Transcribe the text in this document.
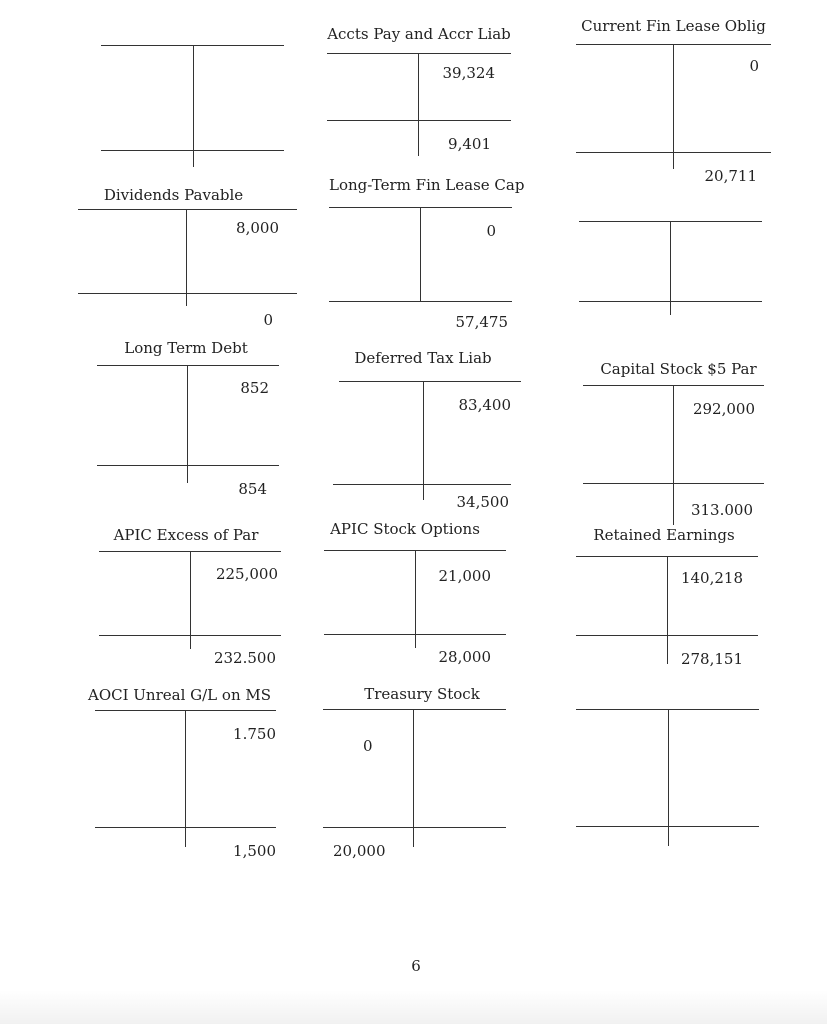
Accts Pay and Accr Liab
39,324
9,401
Current Fin Lease Oblig
0
20,711
Dividends Pavable
8,000
0
Long-Term Fin Lease Cap
0
57,475
Long Term Debt
852
854
Deferred Tax Liab
83,400
34,500
Capital Stock $5 Par
292,000
313.000
APIC Excess of Par
225,000
232.500
APIC Stock Options
21,000
28,000
Retained Earnings
140,218
278,151
AOCI Unreal G/L on MS
1.750
1,500
Treasury Stock
0
20,000
6
